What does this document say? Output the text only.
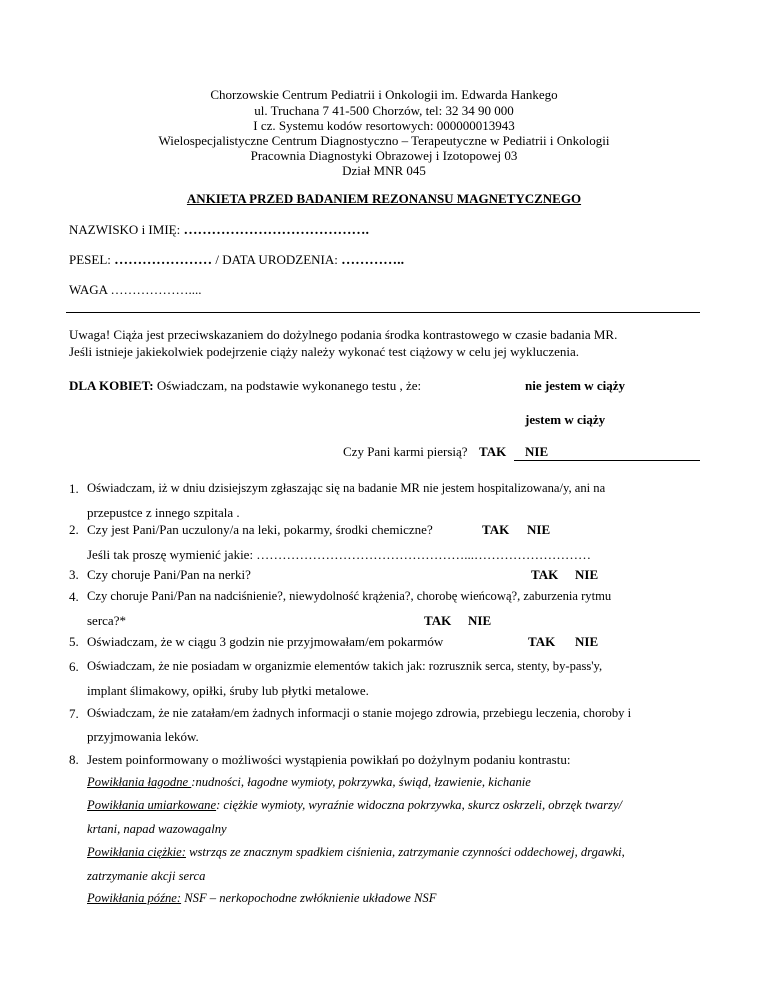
Chorzowskie Centrum Pediatrii i Onkologii im. Edwarda Hankego
ul. Truchana 7 41-500 Chorzów, tel: 32 34 90 000
I cz. Systemu kodów resortowych: 000000013943
Wielospecjalistyczne Centrum Diagnostyczno – Terapeutyczne w Pediatrii i Onkologii
Pracownia Diagnostyki Obrazowej i Izotopowej 03
Dział MNR 045
ANKIETA PRZED BADANIEM REZONANSU MAGNETYCZNEGO
NAZWISKO i IMIĘ: ………………………………….
PESEL: ………………… / DATA URODZENIA: …………..
WAGA ………………....
Uwaga! Ciąża jest przeciwskazaniem do dożylnego podania środka kontrastowego w czasie badania MR.
Jeśli istnieje jakiekolwiek podejrzenie ciąży należy wykonać test ciążowy w celu jej wykluczenia.
DLA KOBIET: Oświadczam, na podstawie wykonanego testu , że:	nie jestem w ciąży
jestem w ciąży
Czy Pani karmi piersią? TAK NIE
1. Oświadczam, iż w dniu dzisiejszym zgłaszając się na badanie MR nie jestem hospitalizowana/y, ani na
przepustce z innego szpitala .
2. Czy jest Pani/Pan uczulony/a na leki, pokarmy, środki chemiczne?	TAK NIE
Jeśli tak proszę wymienić jakie: …………………………………………...………………………
3. Czy choruje Pani/Pan na nerki?	TAK NIE
4. Czy choruje Pani/Pan na nadciśnienie?, niewydolność krążenia?, chorobę wieńcową?, zaburzenia rytmu
serca?*	TAK NIE
5. Oświadczam, że w ciągu 3 godzin nie przyjmowałam/em pokarmów	TAK NIE
6. Oświadczam, że nie posiadam w organizmie elementów takich jak: rozrusznik serca, stenty, by-pass'y,
implant ślimakowy, opiłki, śruby lub płytki metalowe.
7. Oświadczam, że nie zatałam/em żadnych informacji o stanie mojego zdrowia, przebiegu leczenia, choroby i
przyjmowania leków.
8. Jestem poinformowany o możliwości wystąpienia powikłań po dożylnym podaniu kontrastu:
Powikłania łagodne :nudności, łagodne wymioty, pokrzywka, świąd, łzawienie, kichanie
Powikłania umiarkowane: ciężkie wymioty, wyraźnie widoczna pokrzywka, skurcz oskrzeli, obrzęk twarzy/
krtani, napad wazowagalny
Powikłania ciężkie: wstrząs ze znacznym spadkiem ciśnienia, zatrzymanie czynności oddechowej, drgawki,
zatrzymanie akcji serca
Powikłania późne: NSF – nerkopochodne zwłóknienie układowe NSF
